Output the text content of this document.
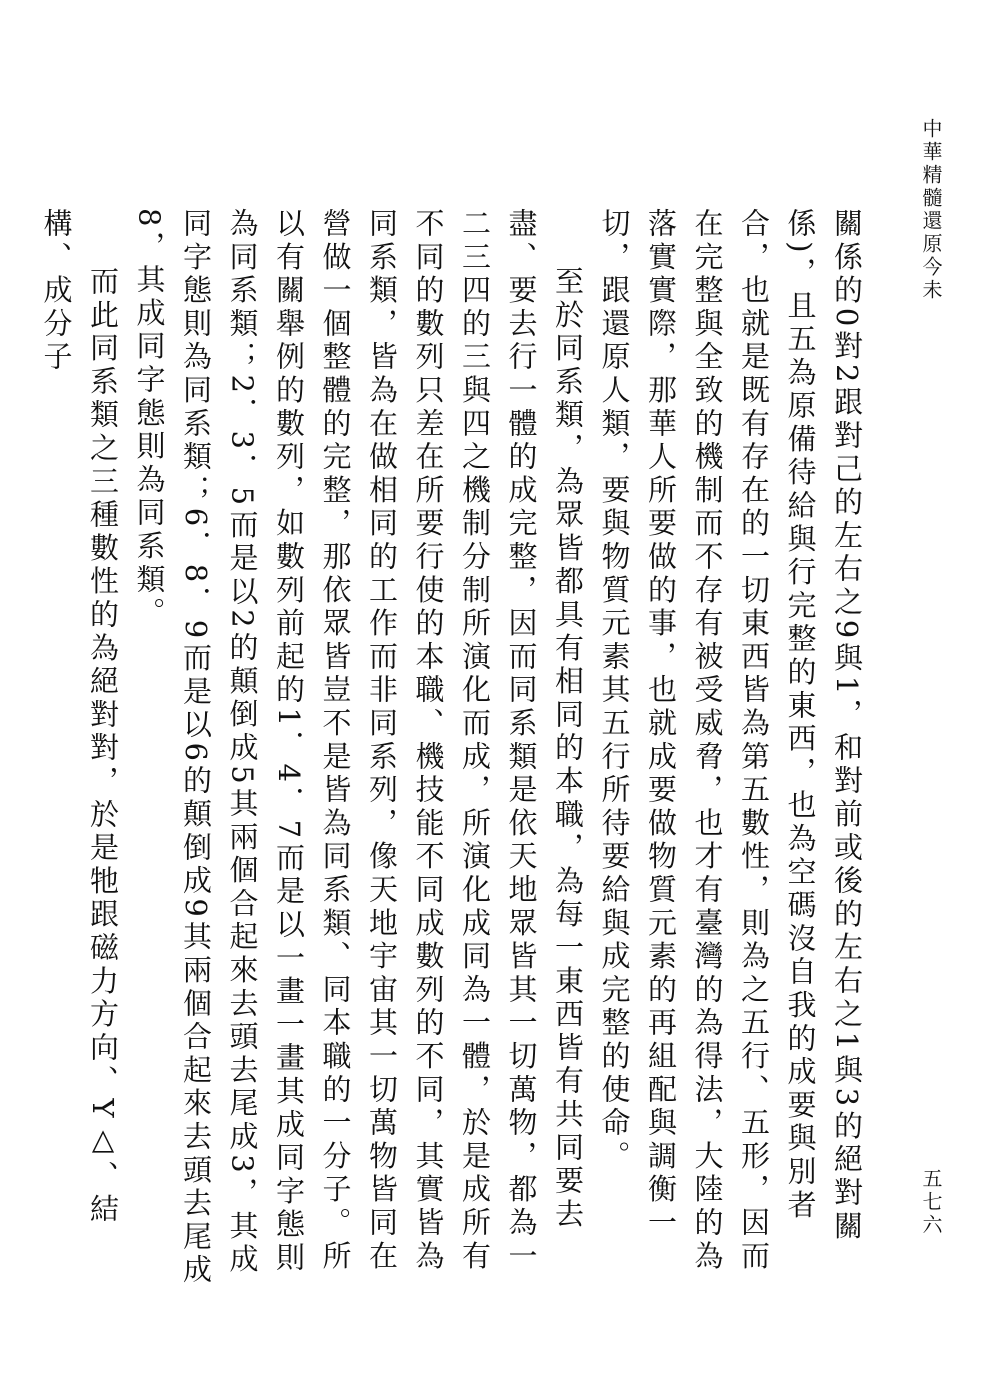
中華精髓還原今未
五七六

關係的0對2跟對己的左右之9與1，和對前或後的左右之1與3的絕對關係)，且五為原備待給與行完整的東西，也為空碼沒自我的成要與別者合，也就是既有存在的一切東西皆為第五數性，則為之五行、五形，因而在完整與全致的機制而不存有被受威脅，也才有臺灣的為得法，大陸的為落實實際，那華人所要做的事，也就成要做物質元素的再組配與調衡一切，跟還原人類，要與物質元素其五行所待要給與成完整的使命。

至於同系類，為眾皆都具有相同的本職，為每一東西皆有共同要去盡、要去行一體的成完整，因而同系類是依天地眾皆其一切萬物，都為一二三四的三與四之機制分制所演化而成，所演化成同為一體，於是成所有不同的數列只差在所要行使的本職、機技能不同成數列的不同，其實皆為同系類，皆為在做相同的工作而非同系列，像天地宇宙其一切萬物皆同在營做一個整體的完整，那依眾皆豈不是皆為同系類、同本職的一分子。所以有關舉例的數列，如數列前起的1．4．7而是以一畫一畫其成同字態則為同系類；2．3．5而是以2的顛倒成5其兩個合起來去頭去尾成3，其成同字態則為同系類；6．8．9而是以6的顛倒成9其兩個合起來去頭去尾成8，其成同字態則為同系類。

而此同系類之三種數性的為絕對對，於是牠跟磁力方向、Y△、結構、成分子
